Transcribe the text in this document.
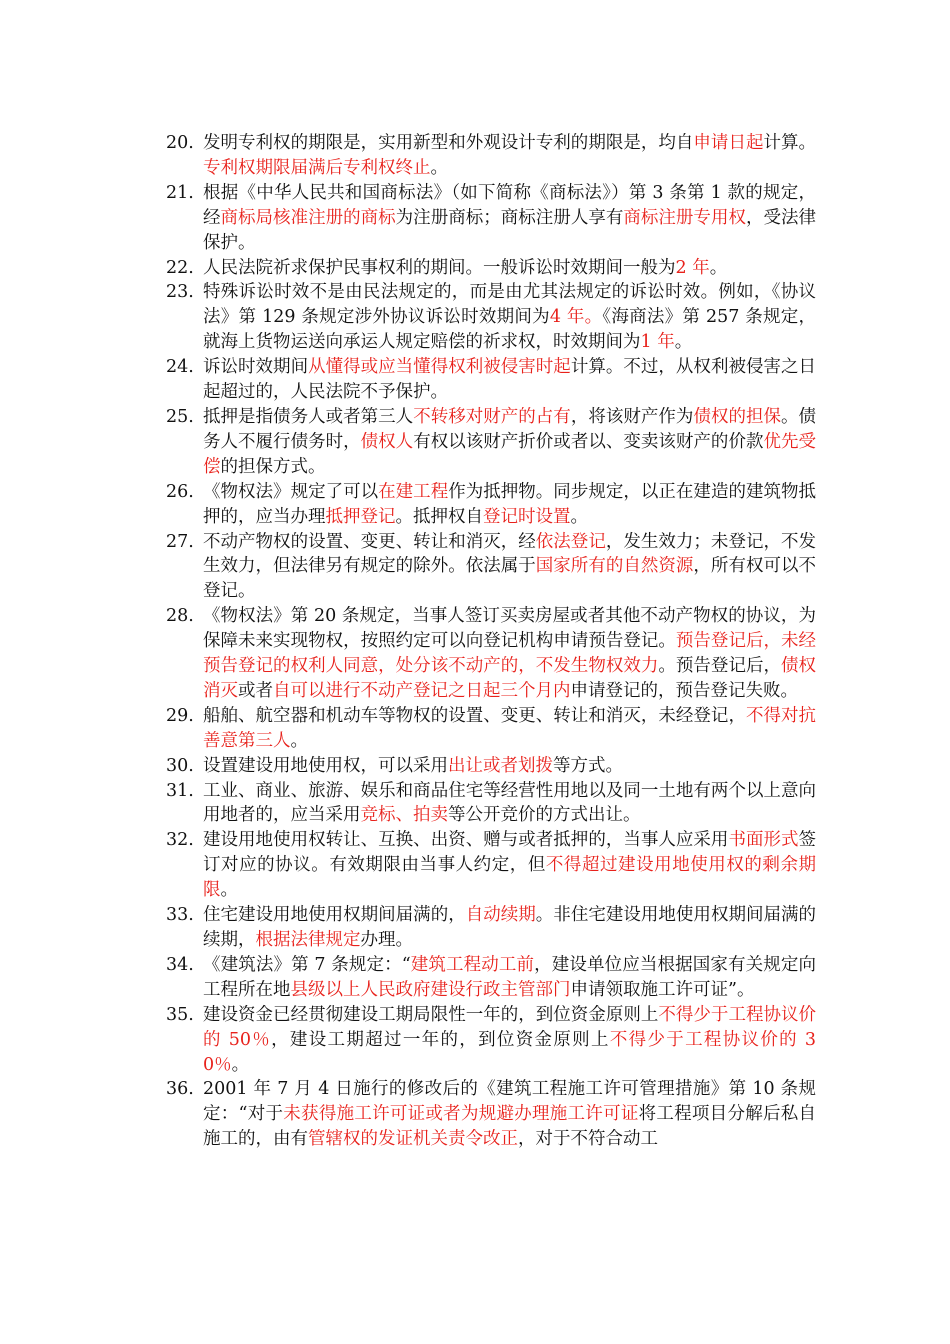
20. 发明专利权的期限是，实用新型和外观设计专利的期限是，均自申请日起计算。专利权期限届满后专利权终止。
21. 根据《中华人民共和国商标法》（如下简称《商标法》）第 3 条第 1 款的规定，经商标局核准注册的商标为注册商标；商标注册人享有商标注册专用权，受法律保护。
22. 人民法院祈求保护民事权利的期间。一般诉讼时效期间一般为2 年。
23. 特殊诉讼时效不是由民法规定的，而是由尤其法规定的诉讼时效。例如，《协议法》第 129 条规定涉外协议诉讼时效期间为4 年。《海商法》第 257 条规定，就海上货物运送向承运人规定赔偿的祈求权，时效期间为1 年。
24. 诉讼时效期间从懂得或应当懂得权利被侵害时起计算。不过，从权利被侵害之日起超过的，人民法院不予保护。
25. 抵押是指债务人或者第三人不转移对财产的占有，将该财产作为债权的担保。债务人不履行债务时，债权人有权以该财产折价或者以、变卖该财产的价款优先受偿的担保方式。
26. 《物权法》规定了可以在建工程作为抵押物。同步规定，以正在建造的建筑物抵押的，应当办理抵押登记。抵押权自登记时设置。
27. 不动产物权的设置、变更、转让和消灭，经依法登记，发生效力；未登记，不发生效力，但法律另有规定的除外。依法属于国家所有的自然资源，所有权可以不登记。
28. 《物权法》第 20 条规定，当事人签订买卖房屋或者其他不动产物权的协议，为保障未来实现物权，按照约定可以向登记机构申请预告登记。预告登记后，未经预告登记的权利人同意，处分该不动产的，不发生物权效力。预告登记后，债权消灭或者自可以进行不动产登记之日起三个月内申请登记的，预告登记失败。
29. 船舶、航空器和机动车等物权的设置、变更、转让和消灭，未经登记，不得对抗善意第三人。
30. 设置建设用地使用权，可以采用出让或者划拨等方式。
31. 工业、商业、旅游、娱乐和商品住宅等经营性用地以及同一土地有两个以上意向用地者的，应当采用竞标、拍卖等公开竞价的方式出让。
32. 建设用地使用权转让、互换、出资、赠与或者抵押的，当事人应采用书面形式签订对应的协议。有效期限由当事人约定，但不得超过建设用地使用权的剩余期限。
33. 住宅建设用地使用权期间届满的，自动续期。非住宅建设用地使用权期间届满的续期，根据法律规定办理。
34. 《建筑法》第 7 条规定：“建筑工程动工前，建设单位应当根据国家有关规定向工程所在地县级以上人民政府建设行政主管部门申请领取施工许可证”。
35. 建设资金已经贯彻建设工期局限性一年的，到位资金原则上不得少于工程协议价的 50％，建设工期超过一年的，到位资金原则上不得少于工程协议价的 30％。
36. 2001 年 7 月 4 日施行的修改后的《建筑工程施工许可管理措施》第 10 条规定：“对于未获得施工许可证或者为规避办理施工许可证将工程项目分解后私自施工的，由有管辖权的发证机关责令改正，对于不符合动工
